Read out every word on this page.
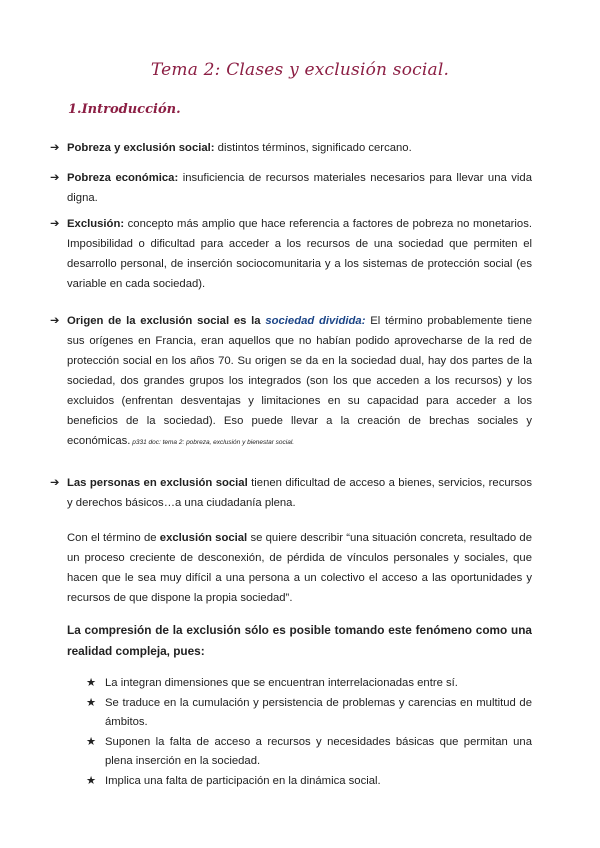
Tema 2: Clases y exclusión social.
1.Introducción.
➔ Pobreza y exclusión social: distintos términos, significado cercano.
➔ Pobreza económica: insuficiencia de recursos materiales necesarios para llevar una vida digna.
➔ Exclusión: concepto más amplio que hace referencia a factores de pobreza no monetarios. Imposibilidad o dificultad para acceder a los recursos de una sociedad que permiten el desarrollo personal, de inserción sociocomunitaria y a los sistemas de protección social (es variable en cada sociedad).
➔ Origen de la exclusión social es la sociedad dividida: El término probablemente tiene sus orígenes en Francia, eran aquellos que no habían podido aprovecharse de la red de protección social en los años 70. Su origen se da en la sociedad dual, hay dos partes de la sociedad, dos grandes grupos los integrados (son los que acceden a los recursos) y los excluidos (enfrentan desventajas y limitaciones en su capacidad para acceder a los beneficios de la sociedad). Eso puede llevar a la creación de brechas sociales y económicas. p331 doc: tema 2: pobreza, exclusión y bienestar social.
➔ Las personas en exclusión social tienen dificultad de acceso a bienes, servicios, recursos y derechos básicos…a una ciudadanía plena.
Con el término de exclusión social se quiere describir “una situación concreta, resultado de un proceso creciente de desconexión, de pérdida de vínculos personales y sociales, que hacen que le sea muy difícil a una persona a un colectivo el acceso a las oportunidades y recursos de que dispone la propia sociedad”.
La compresión de la exclusión sólo es posible tomando este fenómeno como una realidad compleja, pues:
★ La integran dimensiones que se encuentran interrelacionadas entre sí.
★ Se traduce en la cumulación y persistencia de problemas y carencias en multitud de ámbitos.
★ Suponen la falta de acceso a recursos y necesidades básicas que permitan una plena inserción en la sociedad.
★ Implica una falta de participación en la dinámica social.
